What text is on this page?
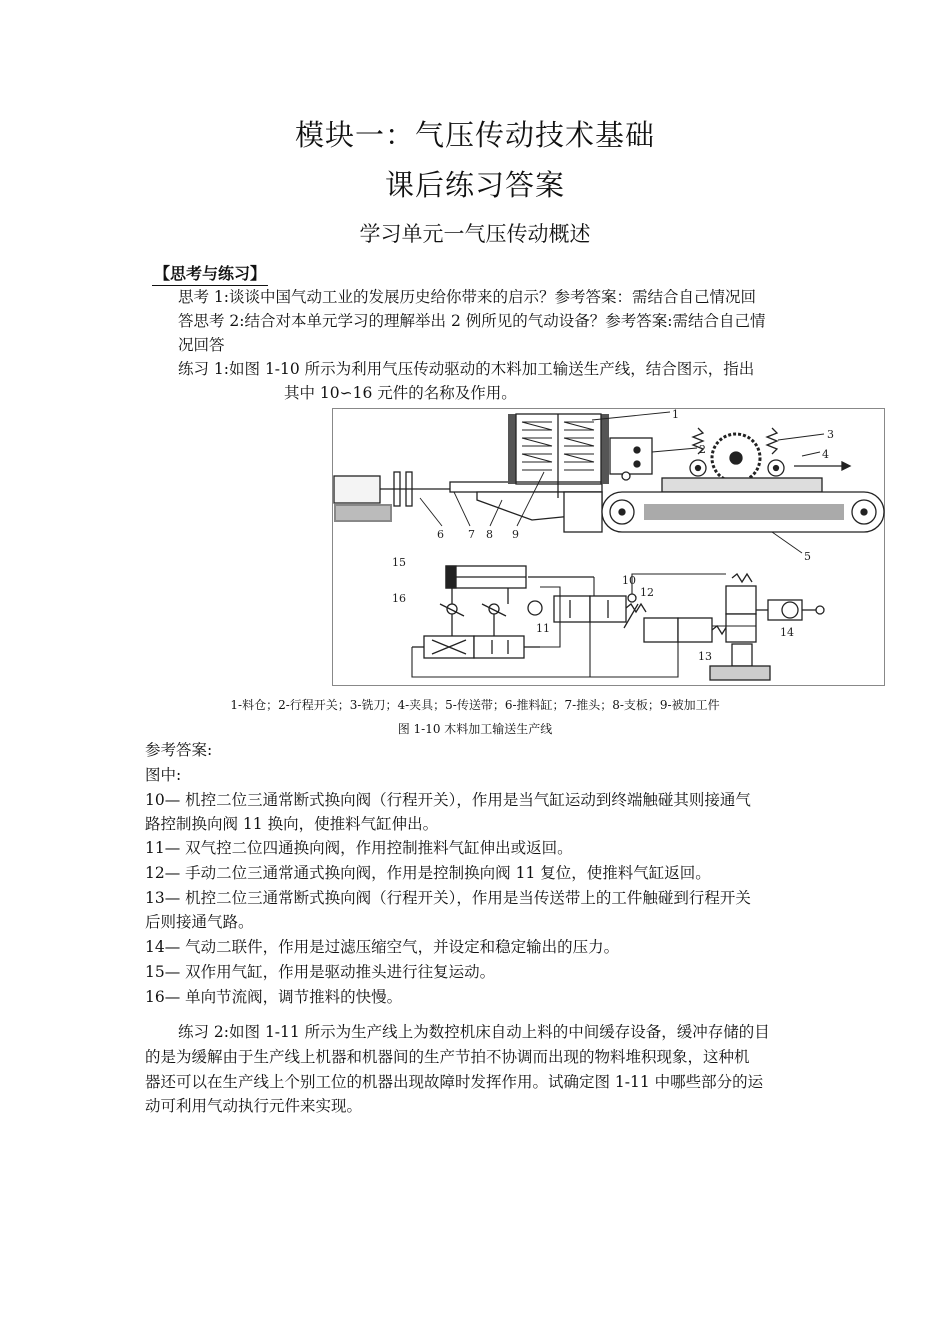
模块一：气压传动技术基础
课后练习答案
学习单元一气压传动概述
【思考与练习】
思考 1:谈谈中国气动工业的发展历史给你带来的启示？参考答案：需结合自己情况回
答思考 2:结合对本单元学习的理解举出 2 例所见的气动设备？参考答案:需结合自己情
况回答
练习 1:如图 1-10 所示为利用气压传动驱动的木料加工输送生产线，结合图示，指出
其中 10∽16 元件的名称及作用。
1
2
3
4
5
6 7 8 9
10
11
12
13
14
15
16
1-料仓；2-行程开关；3-铣刀；4-夹具；5-传送带；6-推料缸；7-推头；8-支板；9-被加工件
图 1-10 木料加工输送生产线
参考答案:
图中:
10— 机控二位三通常断式换向阀（行程开关），作用是当气缸运动到终端触碰其则接通气
路控制换向阀 11 换向，使推料气缸伸出。
11— 双气控二位四通换向阀，作用控制推料气缸伸出或返回。
12— 手动二位三通常通式换向阀，作用是控制换向阀 11 复位，使推料气缸返回。
13— 机控二位三通常断式换向阀（行程开关），作用是当传送带上的工件触碰到行程开关
后则接通气路。
14— 气动二联件，作用是过滤压缩空气，并设定和稳定输出的压力。
15— 双作用气缸，作用是驱动推头进行往复运动。
16— 单向节流阀，调节推料的快慢。
练习 2:如图 1-11 所示为生产线上为数控机床自动上料的中间缓存设备，缓冲存储的目
的是为缓解由于生产线上机器和机器间的生产节拍不协调而出现的物料堆积现象，这种机
器还可以在生产线上个别工位的机器出现故障时发挥作用。试确定图 1-11 中哪些部分的运
动可利用气动执行元件来实现。
